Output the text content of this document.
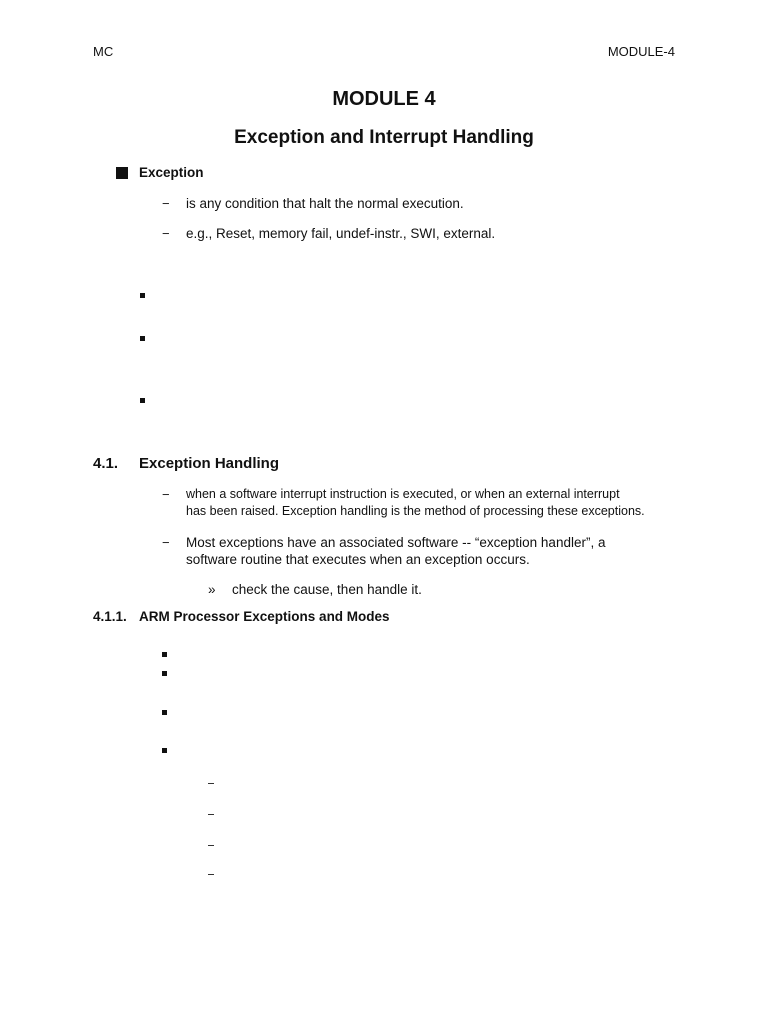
MC	MODULE-4
MODULE 4
Exception and Interrupt Handling
Exception
− is any condition that halt the normal execution.
− e.g., Reset, memory fail, undef-instr., SWI, external.
4.1. Exception Handling
− when a software interrupt instruction is executed, or when an external interrupt
has been raised. Exception handling is the method of processing these exceptions.
− Most exceptions have an associated software -- “exception handler”, a
software routine that executes when an exception occurs.
» check the cause, then handle it.
4.1.1. ARM Processor Exceptions and Modes
